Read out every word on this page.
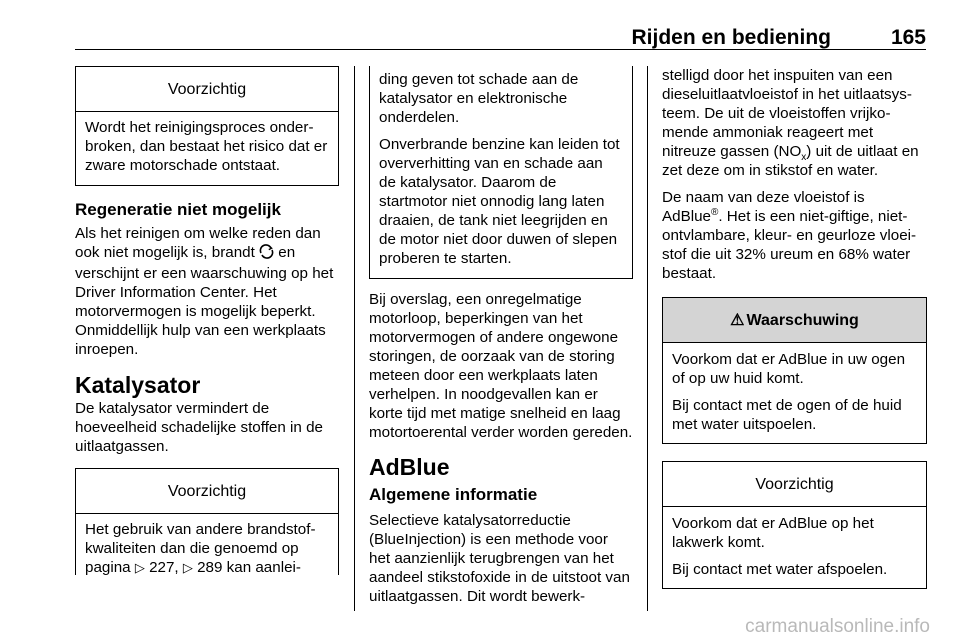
Rijden en bediening	165
Voorzichtig

Wordt het reinigingsproces onderbroken, dan bestaat het risico dat er zware motorschade ontstaat.

Regeneratie niet mogelijk

Als het reinigen om welke reden dan ook niet mogelijk is, brandt  en verschijnt er een waarschuwing op het Driver Information Center. Het motorvermogen is mogelijk beperkt. Onmiddellijk hulp van een werkplaats inroepen.

Katalysator

De katalysator vermindert de hoeveelheid schadelijke stoffen in de uitlaatgassen.

Voorzichtig

Het gebruik van andere brandstofkwaliteiten dan die genoemd op pagina ▷ 227, ▷ 289 kan aanlei-

ding geven tot schade aan de katalysator en elektronische onderdelen.

Onverbrande benzine kan leiden tot oververhitting van en schade aan de katalysator. Daarom de startmotor niet onnodig lang laten draaien, de tank niet leegrijden en de motor niet door duwen of slepen proberen te starten.

Bij overslag, een onregelmatige motorloop, beperkingen van het motorvermogen of andere ongewone storingen, de oorzaak van de storing meteen door een werkplaats laten verhelpen. In noodgevallen kan er korte tijd met matige snelheid en laag motortoerental verder worden gereden.

AdBlue
Algemene informatie

Selectieve katalysatorreductie (BlueInjection) is een methode voor het aanzienlijk terugbrengen van het aandeel stikstofoxide in de uitstoot van uitlaatgassen. Dit wordt bewerk-

stelligd door het inspuiten van een dieseluitlaatvloeistof in het uitlaatsysteem. De uit de vloeistoffen vrijkomende ammoniak reageert met nitreuze gassen $(NO_x)$ uit de uitlaat en zet deze om in stikstof en water.

De naam van deze vloeistof is AdBlue®. Het is een niet-giftige, niet-ontvlambare, kleur- en geurloze vloeistof die uit 32% ureum en 68% water bestaat.

⚠ Waarschuwing

Voorkom dat er AdBlue in uw ogen of op uw huid komt.

Bij contact met de ogen of de huid met water uitspoelen.

Voorzichtig

Voorkom dat er AdBlue op het lakwerk komt.

Bij contact met water afspoelen.

carmanualsonline.info
